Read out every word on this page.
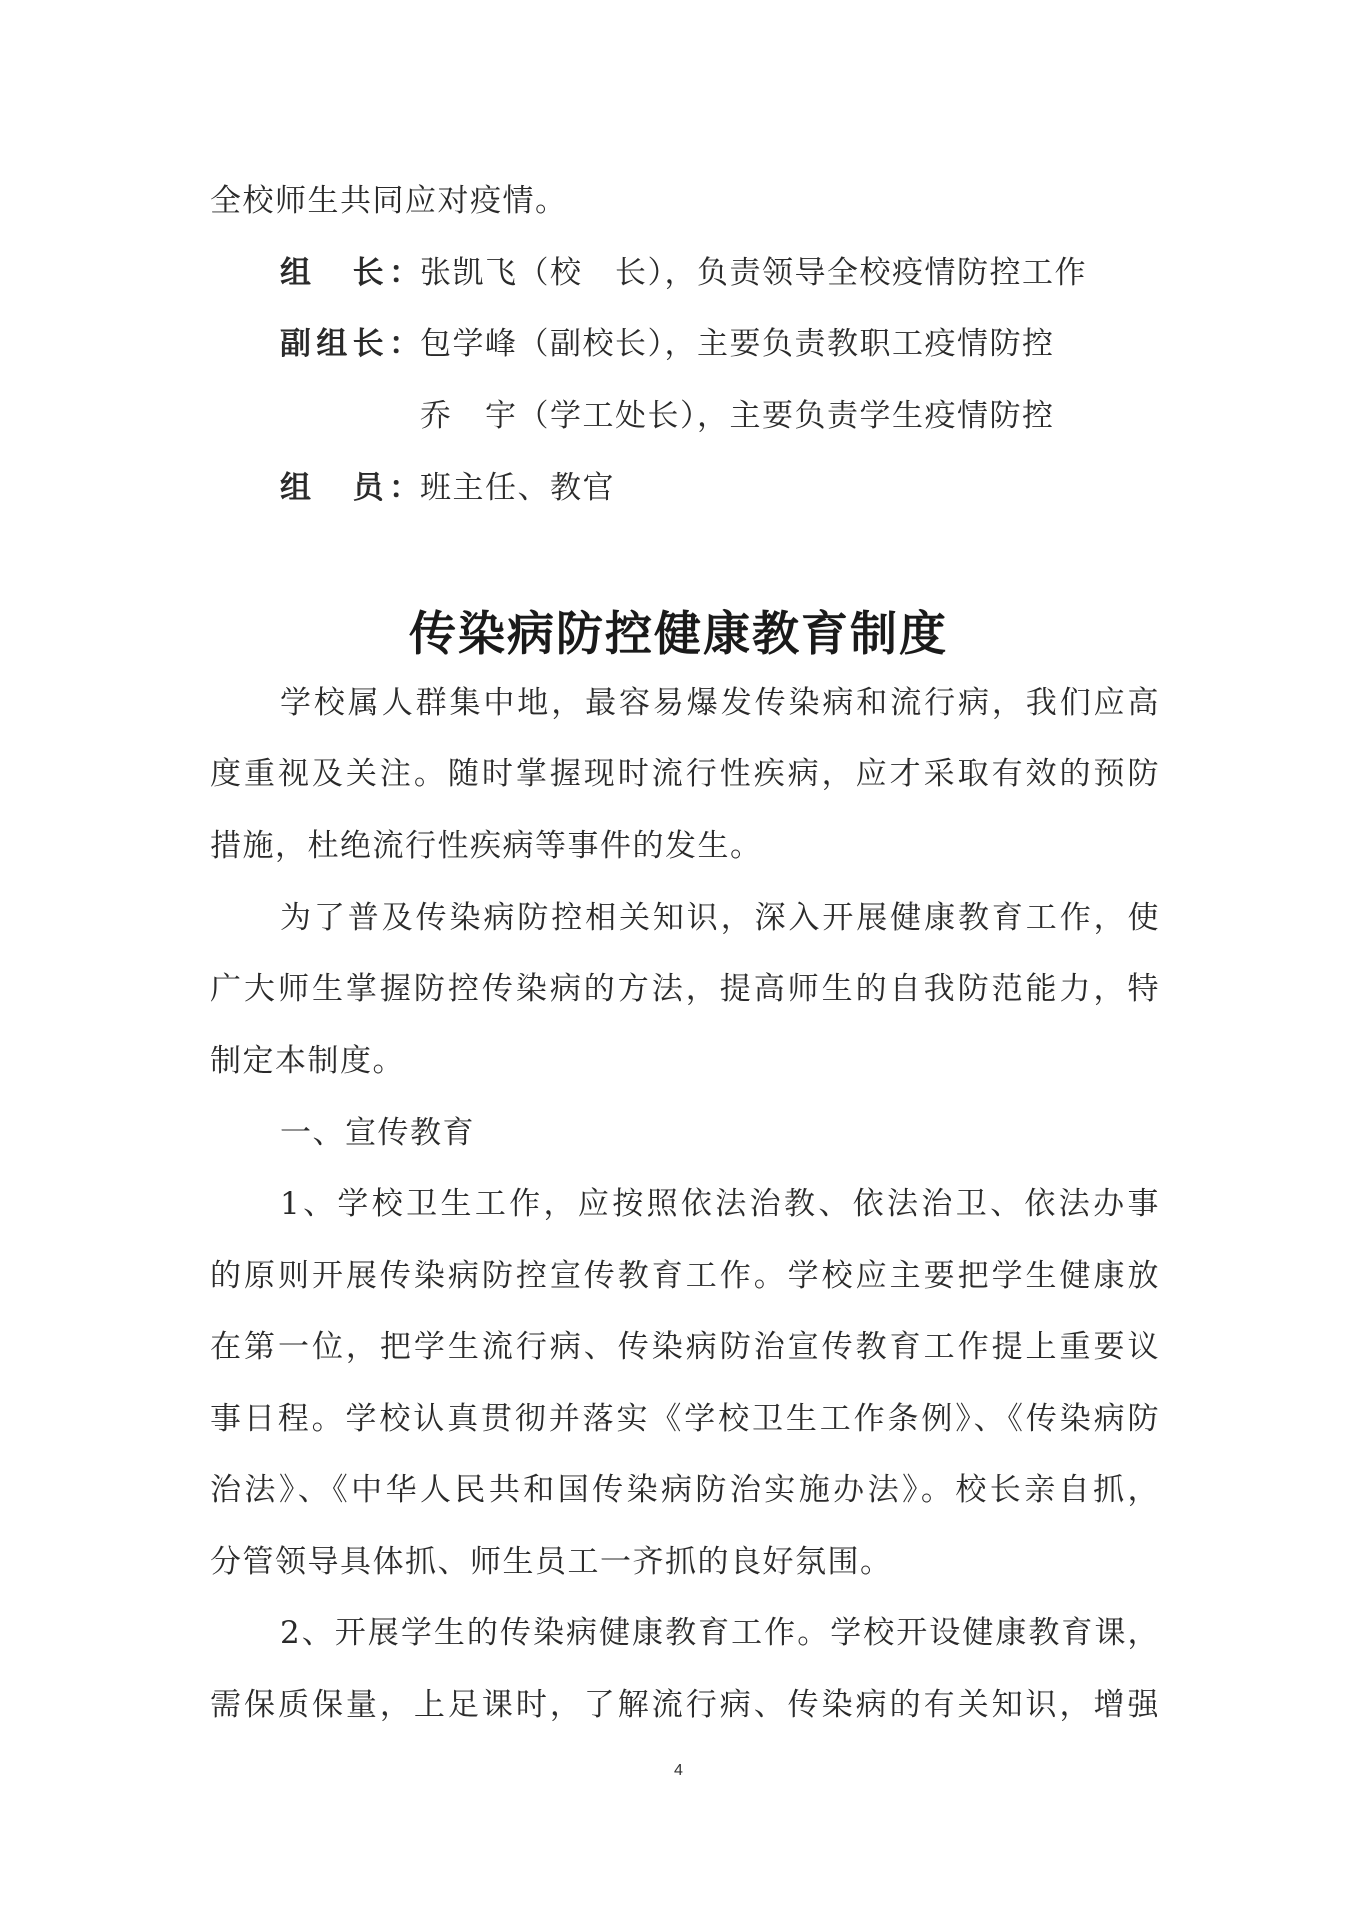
全校师生共同应对疫情。
组　长：张凯飞（校　长），负责领导全校疫情防控工作
副组长：包学峰（副校长），主要负责教职工疫情防控
乔　宇（学工处长），主要负责学生疫情防控
组　员：班主任、教官
传染病防控健康教育制度
学校属人群集中地，最容易爆发传染病和流行病，我们应高
度重视及关注。随时掌握现时流行性疾病，应才采取有效的预防
措施，杜绝流行性疾病等事件的发生。
为了普及传染病防控相关知识，深入开展健康教育工作，使
广大师生掌握防控传染病的方法，提高师生的自我防范能力，特
制定本制度。
一、宣传教育
1、学校卫生工作，应按照依法治教、依法治卫、依法办事
的原则开展传染病防控宣传教育工作。学校应主要把学生健康放
在第一位，把学生流行病、传染病防治宣传教育工作提上重要议
事日程。学校认真贯彻并落实《学校卫生工作条例》、《传染病防
治法》、《中华人民共和国传染病防治实施办法》。校长亲自抓，
分管领导具体抓、师生员工一齐抓的良好氛围。
2、开展学生的传染病健康教育工作。学校开设健康教育课，
需保质保量，上足课时，了解流行病、传染病的有关知识，增强
4
